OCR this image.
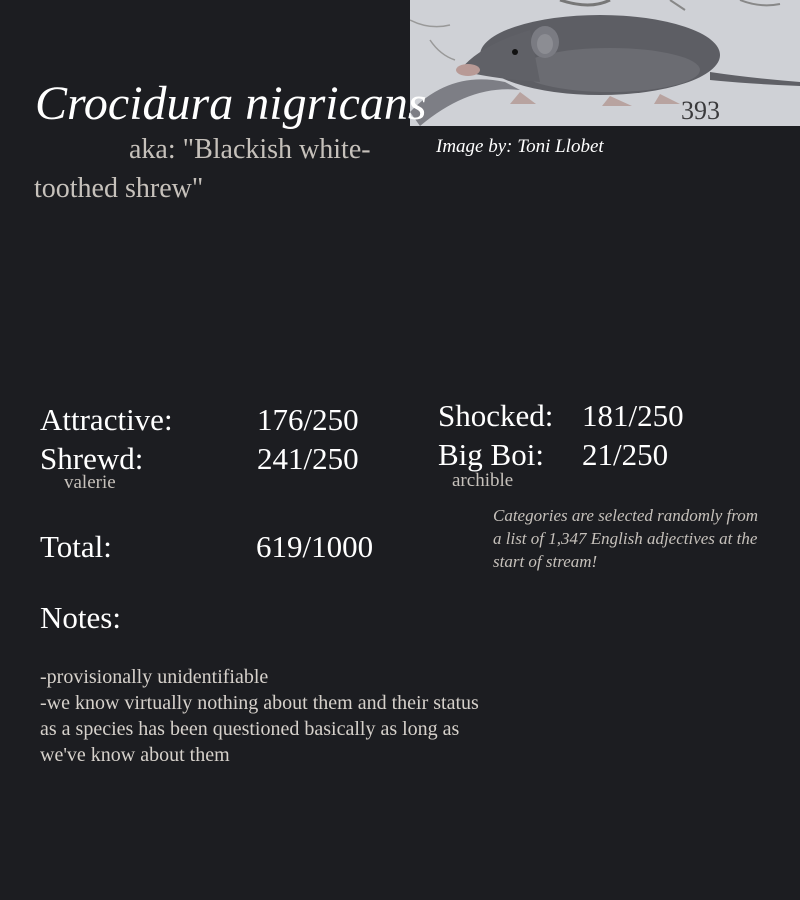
393
Crocidura nigricans
aka: "Blackish white-
toothed shrew"
Image by: Toni Llobet
Attractive:	176/250
Shrewd:	241/250
valerie
Shocked: 181/250
Big Boi: 21/250
archible
Total:	619/1000
Categories are selected randomly from a list of 1,347 English adjectives at the start of stream!
Notes:
-provisionally unidentifiable
-we know virtually nothing about them and their status
as a species has been questioned basically as long as
we've know about them
